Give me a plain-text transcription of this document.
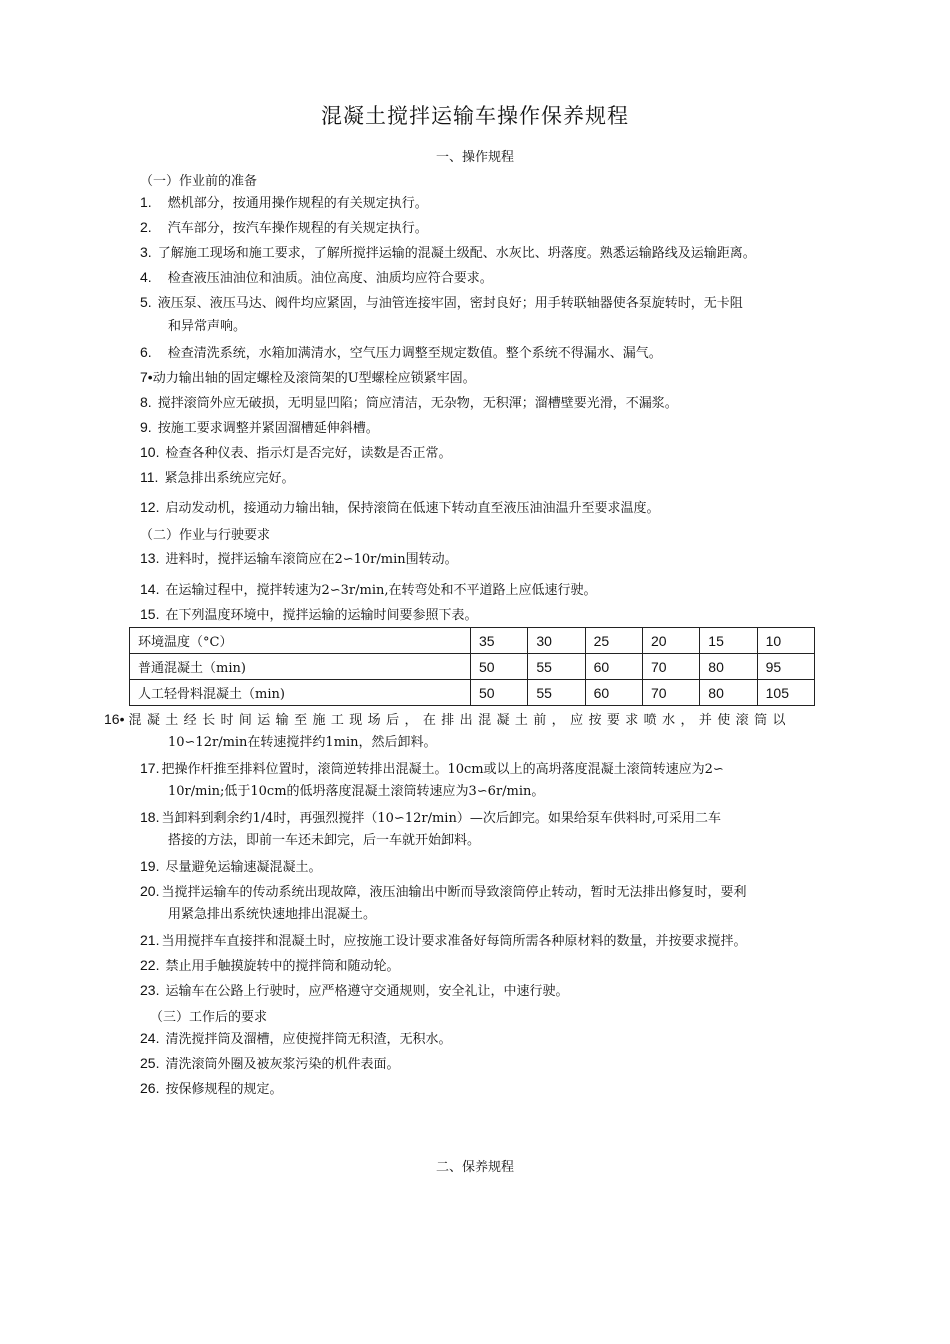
混凝土搅拌运输车操作保养规程
一、操作规程
（一）作业前的准备
1. 燃机部分，按通用操作规程的有关规定执行。
2. 汽车部分，按汽车操作规程的有关规定执行。
3. 了解施工现场和施工要求，了解所搅拌运输的混凝土级配、水灰比、坍落度。熟悉运输路线及运输距离。
4. 检查液压油油位和油质。油位高度、油质均应符合要求。
5. 液压泵、液压马达、阀件均应紧固，与油管连接牢固，密封良好；用手转联轴器使各泵旋转时，无卡阻
和异常声响。
6. 检查清洗系统，水箱加满清水，空气压力调整至规定数值。整个系统不得漏水、漏气。
7•动力输出轴的固定螺栓及滚筒架的U型螺栓应锁紧牢固。
8. 搅拌滚筒外应无破损，无明显凹陷；筒应清洁，无杂物，无积渾；溜槽壁要光滑，不漏浆。
9. 按施工要求调整并紧固溜槽延伸斜槽。
10. 检查各种仪表、指示灯是否完好，读数是否正常。
11. 紧急排出系统应完好。
12. 启动发动机，接通动力输出轴，保持滚筒在低速下转动直至液压油油温升至要求温度。
（二）作业与行驶要求
13. 进料时，搅拌运输车滚筒应在2∽10r/min围转动。
14. 在运输过程中，搅拌转速为2∽3r/min,在转弯处和不平道路上应低速行驶。
15. 在下列温度环境中，搅拌运输的运输时间要参照下表。
环境温度（°C）	35	30	25	20	15	10
普通混凝土（min)	50	55	60	70	80	95
人工轻骨料混凝土（min)	50	55	60	70	80	105
16• 混凝土经长时间运输至施工现场后，在排出混凝土前，应按要求喷水，并使滚筒以
10∽12r/min在转速搅拌约1min，然后卸料。
17. 把操作杆推至排料位置时，滚筒逆转排出混凝土。10cm或以上的高坍落度混凝土滚筒转速应为2∽
10r/min;低于10cm的低坍落度混凝土滚筒转速应为3∽6r/min。
18. 当卸料到剩余约1/4时，再强烈搅拌（10∽12r/min）—次后卸完。如果给泵车供料时,可采用二车
搭接的方法，即前一车还未卸完，后一车就开始卸料。
19. 尽量避免运输速凝混凝土。
20. 当搅拌运输车的传动系统出现故障，液压油输出中断而导致滚筒停止转动，暂时无法排出修复时，要利
用紧急排出系统快速地排出混凝土。
21. 当用搅拌车直接拌和混凝土时，应按施工设计要求准备好每筒所需各种原材料的数量，并按要求搅拌。
22. 禁止用手触摸旋转中的搅拌筒和随动轮。
23. 运输车在公路上行驶时，应严格遵守交通规则，安全礼让，中速行驶。
（三）工作后的要求
24. 清洗搅拌筒及溜槽，应使搅拌筒无积渣，无积水。
25. 清洗滚筒外圈及被灰浆污染的机件表面。
26. 按保修规程的规定。
二、保养规程
